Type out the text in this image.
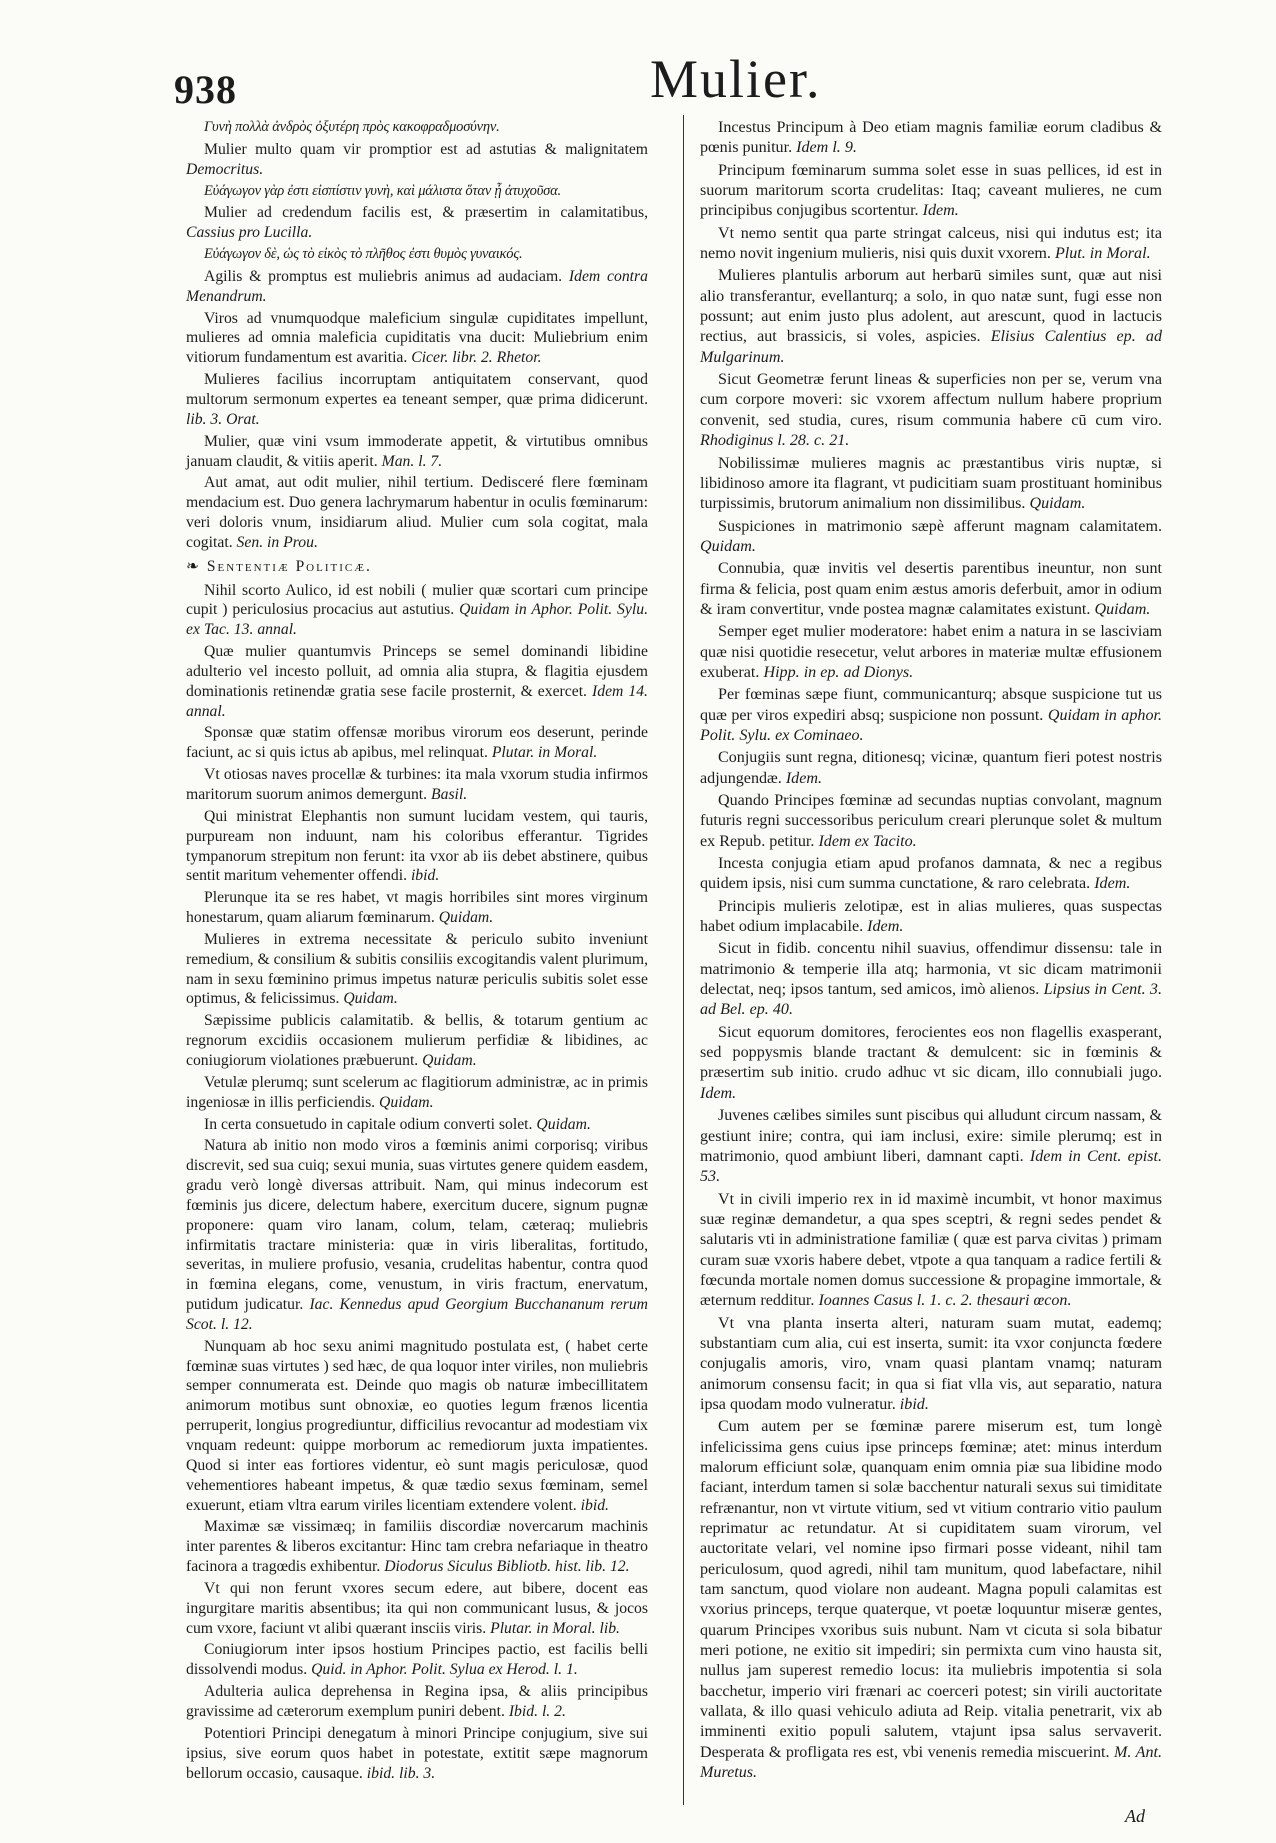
938	Mulier.

Γυνὴ πολλὰ ἀνδρὸς ὀξυτέρη πρὸς κακοφραδμοσύνην.

Mulier multo quam vir promptior est ad astutias & malignitatem Democritus.

Εὐάγωγον γὰρ ἐστι εἰσπίστιν γυνὴ, καὶ μάλιστα ὅταν ᾖ ἀτυχοῦσα.

Mulier ad credendum facilis est, & præsertim in calamitatibus, Cassius pro Lucilla.

Εὐάγωγον δὲ, ὡς τὸ εἰκὸς τὸ πλῆθος ἐστι θυμὸς γυναικός.

Agilis & promptus est muliebris animus ad audaciam. Idem contra Menandrum.

Viros ad vnumquodque maleficium singulæ cupiditates impellunt, mulieres ad omnia maleficia cupiditatis vna ducit: Muliebrium enim vitiorum fundamentum est avaritia. Cicer. libr. 2. Rhetor.

Mulieres facilius incorruptam antiquitatem conservant, quod multorum sermonum expertes ea teneant semper, quæ prima didicerunt. lib. 3. Orat.

Mulier, quæ vini vsum immoderate appetit, & virtutibus omnibus januam claudit, & vitiis aperit. Man. l. 7.

Aut amat, aut odit mulier, nihil tertium. Dedisceré flere fœminam mendacium est. Duo genera lachrymarum habentur in oculis fœminarum: veri doloris vnum, insidiarum aliud. Mulier cum sola cogitat, mala cogitat. Sen. in Prou.

❧ Sententiæ Politicæ.

Nihil scorto Aulico, id est nobili ( mulier quæ scortari cum principe cupit ) periculosius procacius aut astutius. Quidam in Aphor. Polit. Sylu. ex Tac. 13. annal.

Quæ mulier quantumvis Princeps se semel dominandi libidine adulterio vel incesto polluit, ad omnia alia stupra, & flagitia ejusdem dominationis retinendæ gratia sese facile prosternit, & exercet. Idem 14. annal.

Sponsæ quæ statim offensæ moribus virorum eos deserunt, perinde faciunt, ac si quis ictus ab apibus, mel relinquat. Plutar. in Moral.

Vt otiosas naves procellæ & turbines: ita mala vxorum studia infirmos maritorum suorum animos demergunt. Basil.

Qui ministrat Elephantis non sumunt lucidam vestem, qui tauris, purpuream non induunt, nam his coloribus efferantur. Tigrides tympanorum strepitum non ferunt: ita vxor ab iis debet abstinere, quibus sentit maritum vehementer offendi. ibid.

Plerunque ita se res habet, vt magis horribiles sint mores virginum honestarum, quam aliarum fœminarum. Quidam.

Mulieres in extrema necessitate & periculo subito inveniunt remedium, & consilium & subitis consiliis excogitandis valent plurimum, nam in sexu fœminino primus impetus naturæ periculis subitis solet esse optimus, & felicissimus. Quidam.

Sæpissime publicis calamitatib. & bellis, & totarum gentium ac regnorum excidiis occasionem mulierum perfidiæ & libidines, ac coniugiorum violationes præbuerunt. Quidam.

Vetulæ plerumq; sunt scelerum ac flagitiorum administræ, ac in primis ingeniosæ in illis perficiendis. Quidam.

In certa consuetudo in capitale odium converti solet. Quidam.

Natura ab initio non modo viros a fœminis animi corporisq; viribus discrevit, sed sua cuiq; sexui munia, suas virtutes genere quidem easdem, gradu verò longè diversas attribuit. Nam, qui minus indecorum est fœminis jus dicere, delectum habere, exercitum ducere, signum pugnæ proponere: quam viro lanam, colum, telam, cæteraq; muliebris infirmitatis tractare ministeria: quæ in viris liberalitas, fortitudo, severitas, in muliere profusio, vesania, crudelitas habentur, contra quod in fœmina elegans, come, venustum, in viris fractum, enervatum, putidum judicatur. Iac. Kennedus apud Georgium Bucchananum rerum Scot. l. 12.

Nunquam ab hoc sexu animi magnitudo postulata est, ( habet certe fœminæ suas virtutes ) sed hæc, de qua loquor inter viriles, non muliebris semper connumerata est. Deinde quo magis ob naturæ imbecillitatem animorum motibus sunt obnoxiæ, eo quoties legum frænos licentia perruperit, longius progrediuntur, difficilius revocantur ad modestiam vix vnquam redeunt: quippe morborum ac remediorum juxta impatientes. Quod si inter eas fortiores videntur, eò sunt magis periculosæ, quod vehementiores habeant impetus, & quæ tædio sexus fœminam, semel exuerunt, etiam vltra earum viriles licentiam extendere volent. ibid.

Maximæ sæ vissimæq; in familiis discordiæ novercarum machinis inter parentes & liberos excitantur: Hinc tam crebra nefariaque in theatro facinora a tragœdis exhibentur. Diodorus Siculus Bibliotb. hist. lib. 12.

Vt qui non ferunt vxores secum edere, aut bibere, docent eas ingurgitare maritis absentibus; ita qui non communicant lusus, & jocos cum vxore, faciunt vt alibi quærant insciis viris. Plutar. in Moral. lib.

Coniugiorum inter ipsos hostium Principes pactio, est facilis belli dissolvendi modus. Quid. in Aphor. Polit. Sylua ex Herod. l. 1.

Adulteria aulica deprehensa in Regina ipsa, & aliis principibus gravissime ad cæterorum exemplum puniri debent. Ibid. l. 2.

Potentiori Principi denegatum à minori Principe conjugium, sive sui ipsius, sive eorum quos habet in potestate, extitit sæpe magnorum bellorum occasio, causaque. ibid. lib. 3.

Incestus Principum à Deo etiam magnis familiæ eorum cladibus & pœnis punitur. Idem l. 9.

Principum fœminarum summa solet esse in suas pellices, id est in suorum maritorum scorta crudelitas: Itaq; caveant mulieres, ne cum principibus conjugibus scortentur. Idem.

Vt nemo sentit qua parte stringat calceus, nisi qui indutus est; ita nemo novit ingenium mulieris, nisi quis duxit vxorem. Plut. in Moral.

Mulieres plantulis arborum aut herbarū similes sunt, quæ aut nisi alio transferantur, evellanturq; a solo, in quo natæ sunt, fugi esse non possunt; aut enim justo plus adolent, aut arescunt, quod in lactucis rectius, aut brassicis, si voles, aspicies. Elisius Calentius ep. ad Mulgarinum.

Sicut Geometræ ferunt lineas & superficies non per se, verum vna cum corpore moveri: sic vxorem affectum nullum habere proprium convenit, sed studia, cures, risum communia habere cū cum viro. Rhodiginus l. 28. c. 21.

Nobilissimæ mulieres magnis ac præstantibus viris nuptæ, si libidinoso amore ita flagrant, vt pudicitiam suam prostituant hominibus turpissimis, brutorum animalium non dissimilibus. Quidam.

Suspiciones in matrimonio sæpè afferunt magnam calamitatem. Quidam.

Connubia, quæ invitis vel desertis parentibus ineuntur, non sunt firma & felicia, post quam enim æstus amoris deferbuit, amor in odium & iram convertitur, vnde postea magnæ calamitates existunt. Quidam.

Semper eget mulier moderatore: habet enim a natura in se lasciviam quæ nisi quotidie resecetur, velut arbores in materiæ multæ effusionem exuberat. Hipp. in ep. ad Dionys.

Per fœminas sæpe fiunt, communicanturq; absque suspicione tut us quæ per viros expediri absq; suspicione non possunt. Quidam in aphor. Polit. Sylu. ex Cominaeo.

Conjugiis sunt regna, ditionesq; vicinæ, quantum fieri potest nostris adjungendæ. Idem.

Quando Principes fœminæ ad secundas nuptias convolant, magnum futuris regni successoribus periculum creari plerunque solet & multum ex Repub. petitur. Idem ex Tacito.

Incesta conjugia etiam apud profanos damnata, & nec a regibus quidem ipsis, nisi cum summa cunctatione, & raro celebrata. Idem.

Principis mulieris zelotipæ, est in alias mulieres, quas suspectas habet odium implacabile. Idem.

Sicut in fidib. concentu nihil suavius, offendimur dissensu: tale in matrimonio & temperie illa atq; harmonia, vt sic dicam matrimonii delectat, neq; ipsos tantum, sed amicos, imò alienos. Lipsius in Cent. 3. ad Bel. ep. 40.

Sicut equorum domitores, ferocientes eos non flagellis exasperant, sed poppysmis blande tractant & demulcent: sic in fœminis & præsertim sub initio. crudo adhuc vt sic dicam, illo connubiali jugo. Idem.

Juvenes cælibes similes sunt piscibus qui alludunt circum nassam, & gestiunt inire; contra, qui iam inclusi, exire: simile plerumq; est in matrimonio, quod ambiunt liberi, damnant capti. Idem in Cent. epist. 53.

Vt in civili imperio rex in id maximè incumbit, vt honor maximus suæ reginæ demandetur, a qua spes sceptri, & regni sedes pendet & salutaris vti in administratione familiæ ( quæ est parva civitas ) primam curam suæ vxoris habere debet, vtpote a qua tanquam a radice fertili & fœcunda mortale nomen domus successione & propagine immortale, & æternum redditur. Ioannes Casus l. 1. c. 2. thesauri œcon.

Vt vna planta inserta alteri, naturam suam mutat, eademq; substantiam cum alia, cui est inserta, sumit: ita vxor conjuncta fœdere conjugalis amoris, viro, vnam quasi plantam vnamq; naturam animorum consensu facit; in qua si fiat vlla vis, aut separatio, natura ipsa quodam modo vulneratur. ibid.

Cum autem per se fœminæ parere miserum est, tum longè infelicissima gens cuius ipse princeps fœminæ; atet: minus interdum malorum efficiunt solæ, quanquam enim omnia piæ sua libidine modo faciant, interdum tamen si solæ bacchentur naturali sexus sui timiditate refrænantur, non vt virtute vitium, sed vt vitium contrario vitio paulum reprimatur ac retundatur. At si cupiditatem suam virorum, vel auctoritate velari, vel nomine ipso firmari posse videant, nihil tam periculosum, quod agredi, nihil tam munitum, quod labefactare, nihil tam sanctum, quod violare non audeant. Magna populi calamitas est vxorius princeps, terque quaterque, vt poetæ loquuntur miseræ gentes, quarum Principes vxoribus suis nubunt. Nam vt cicuta si sola bibatur meri potione, ne exitio sit impediri; sin permixta cum vino hausta sit, nullus jam superest remedio locus: ita muliebris impotentia si sola bacchetur, imperio viri frænari ac coerceri potest; sin virili auctoritate vallata, & illo quasi vehiculo adiuta ad Reip. vitalia penetrarit, vix ab imminenti exitio populi salutem, vtajunt ipsa salus servaverit. Desperata & profligata res est, vbi venenis remedia miscuerint. M. Ant. Muretus.

Ad
